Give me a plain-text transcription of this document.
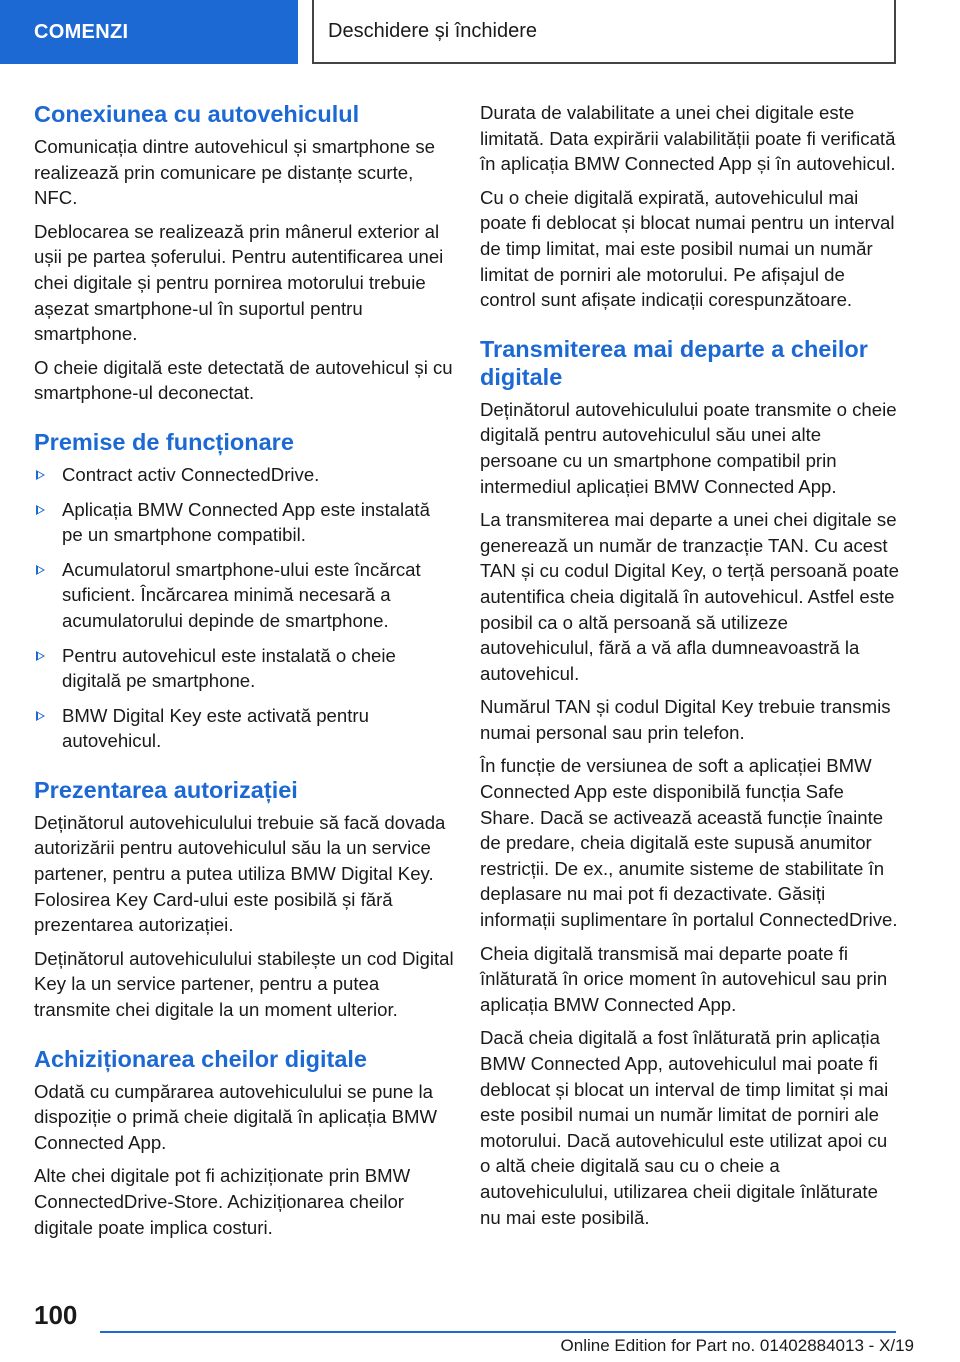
COMENZI	Deschidere și închidere
Conexiunea cu autovehiculul

Comunicația dintre autovehicul și smartphone se realizează prin comunicare pe distanțe scurte, NFC.

Deblocarea se realizează prin mânerul exterior al ușii pe partea șoferului. Pentru autentificarea unei chei digitale și pentru pornirea motorului trebuie așezat smartphone-ul în suportul pentru smartphone.

O cheie digitală este detectată de autovehicul și cu smartphone-ul deconectat.

Premise de funcționare
Contract activ ConnectedDrive.
Aplicația BMW Connected App este instalată pe un smartphone compatibil.
Acumulatorul smartphone-ului este încărcat suficient. Încărcarea minimă necesară a acumulatorului depinde de smartphone.
Pentru autovehicul este instalată o cheie digitală pe smartphone.
BMW Digital Key este activată pentru autovehicul.
Prezentarea autorizației

Deținătorul autovehiculului trebuie să facă dovada autorizării pentru autovehiculul său la un service partener, pentru a putea utiliza BMW Digital Key. Folosirea Key Card-ului este posibilă și fără prezentarea autorizației.

Deținătorul autovehiculului stabilește un cod Digital Key la un service partener, pentru a putea transmite chei digitale la un moment ulterior.

Achiziționarea cheilor digitale

Odată cu cumpărarea autovehiculului se pune la dispoziție o primă cheie digitală în aplicația BMW Connected App.

Alte chei digitale pot fi achiziționate prin BMW ConnectedDrive-Store. Achiziționarea cheilor digitale poate implica costuri.

Durata de valabilitate a unei chei digitale este limitată. Data expirării valabilității poate fi verificată în aplicația BMW Connected App și în autovehicul.

Cu o cheie digitală expirată, autovehiculul mai poate fi deblocat și blocat numai pentru un interval de timp limitat, mai este posibil numai un număr limitat de porniri ale motorului. Pe afișajul de control sunt afișate indicații corespunzătoare.

Transmiterea mai departe a cheilor digitale

Deținătorul autovehiculului poate transmite o cheie digitală pentru autovehiculul său unei alte persoane cu un smartphone compatibil prin intermediul aplicației BMW Connected App.

La transmiterea mai departe a unei chei digitale se generează un număr de tranzacție TAN. Cu acest TAN și cu codul Digital Key, o terță persoană poate autentifica cheia digitală în autovehicul. Astfel este posibil ca o altă persoană să utilizeze autovehiculul, fără a vă afla dumneavoastră la autovehicul.

Numărul TAN și codul Digital Key trebuie transmis numai personal sau prin telefon.

În funcție de versiunea de soft a aplicației BMW Connected App este disponibilă funcția Safe Share. Dacă se activează această funcție înainte de predare, cheia digitală este supusă anumitor restricții. De ex., anumite sisteme de stabilitate în deplasare nu mai pot fi dezactivate. Găsiți informații suplimentare în portalul ConnectedDrive.

Cheia digitală transmisă mai departe poate fi înlăturată în orice moment în autovehicul sau prin aplicația BMW Connected App.

Dacă cheia digitală a fost înlăturată prin aplicația BMW Connected App, autovehiculul mai poate fi deblocat și blocat un interval de timp limitat și mai este posibil numai un număr limitat de porniri ale motorului. Dacă autovehiculul este utilizat apoi cu o altă cheie digitală sau cu o cheie a autovehiculului, utilizarea cheii digitale înlăturate nu mai este posibilă.

100
Online Edition for Part no. 01402884013 - X/19
